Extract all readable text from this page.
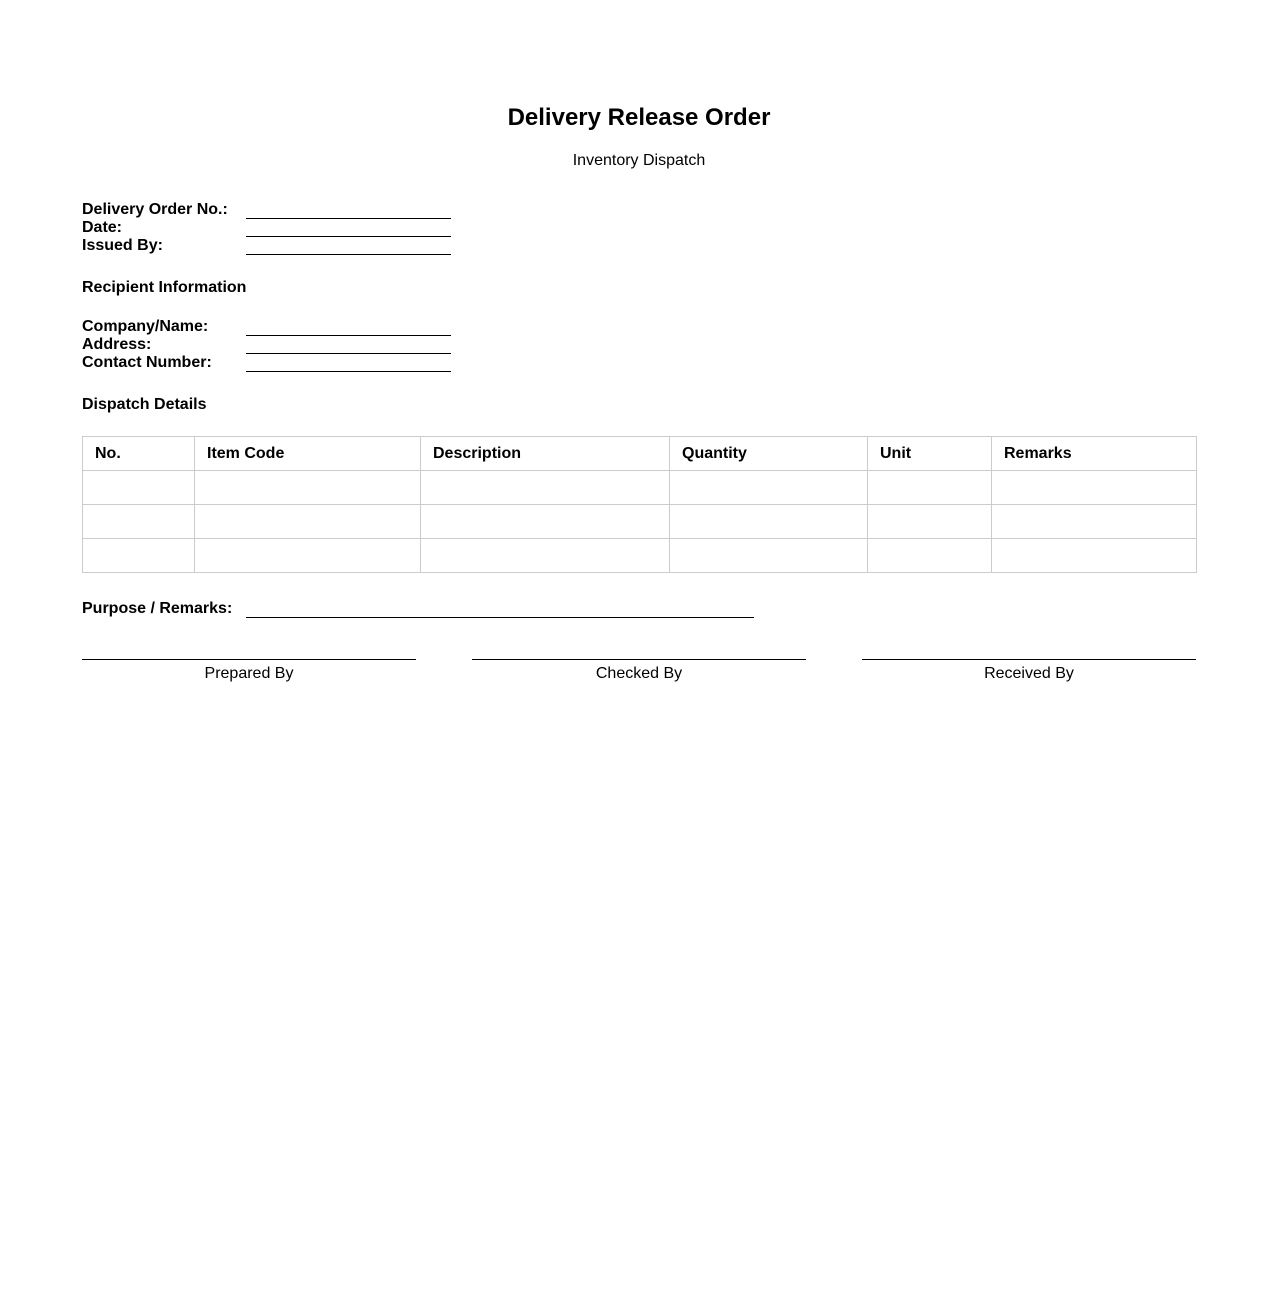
Delivery Release Order
Inventory Dispatch
Delivery Order No.:
Date:
Issued By:
Recipient Information
Company/Name:
Address:
Contact Number:
Dispatch Details
No.	Item Code	Description	Quantity	Unit	Remarks

Purpose / Remarks:
Prepared By	Checked By	Received By
